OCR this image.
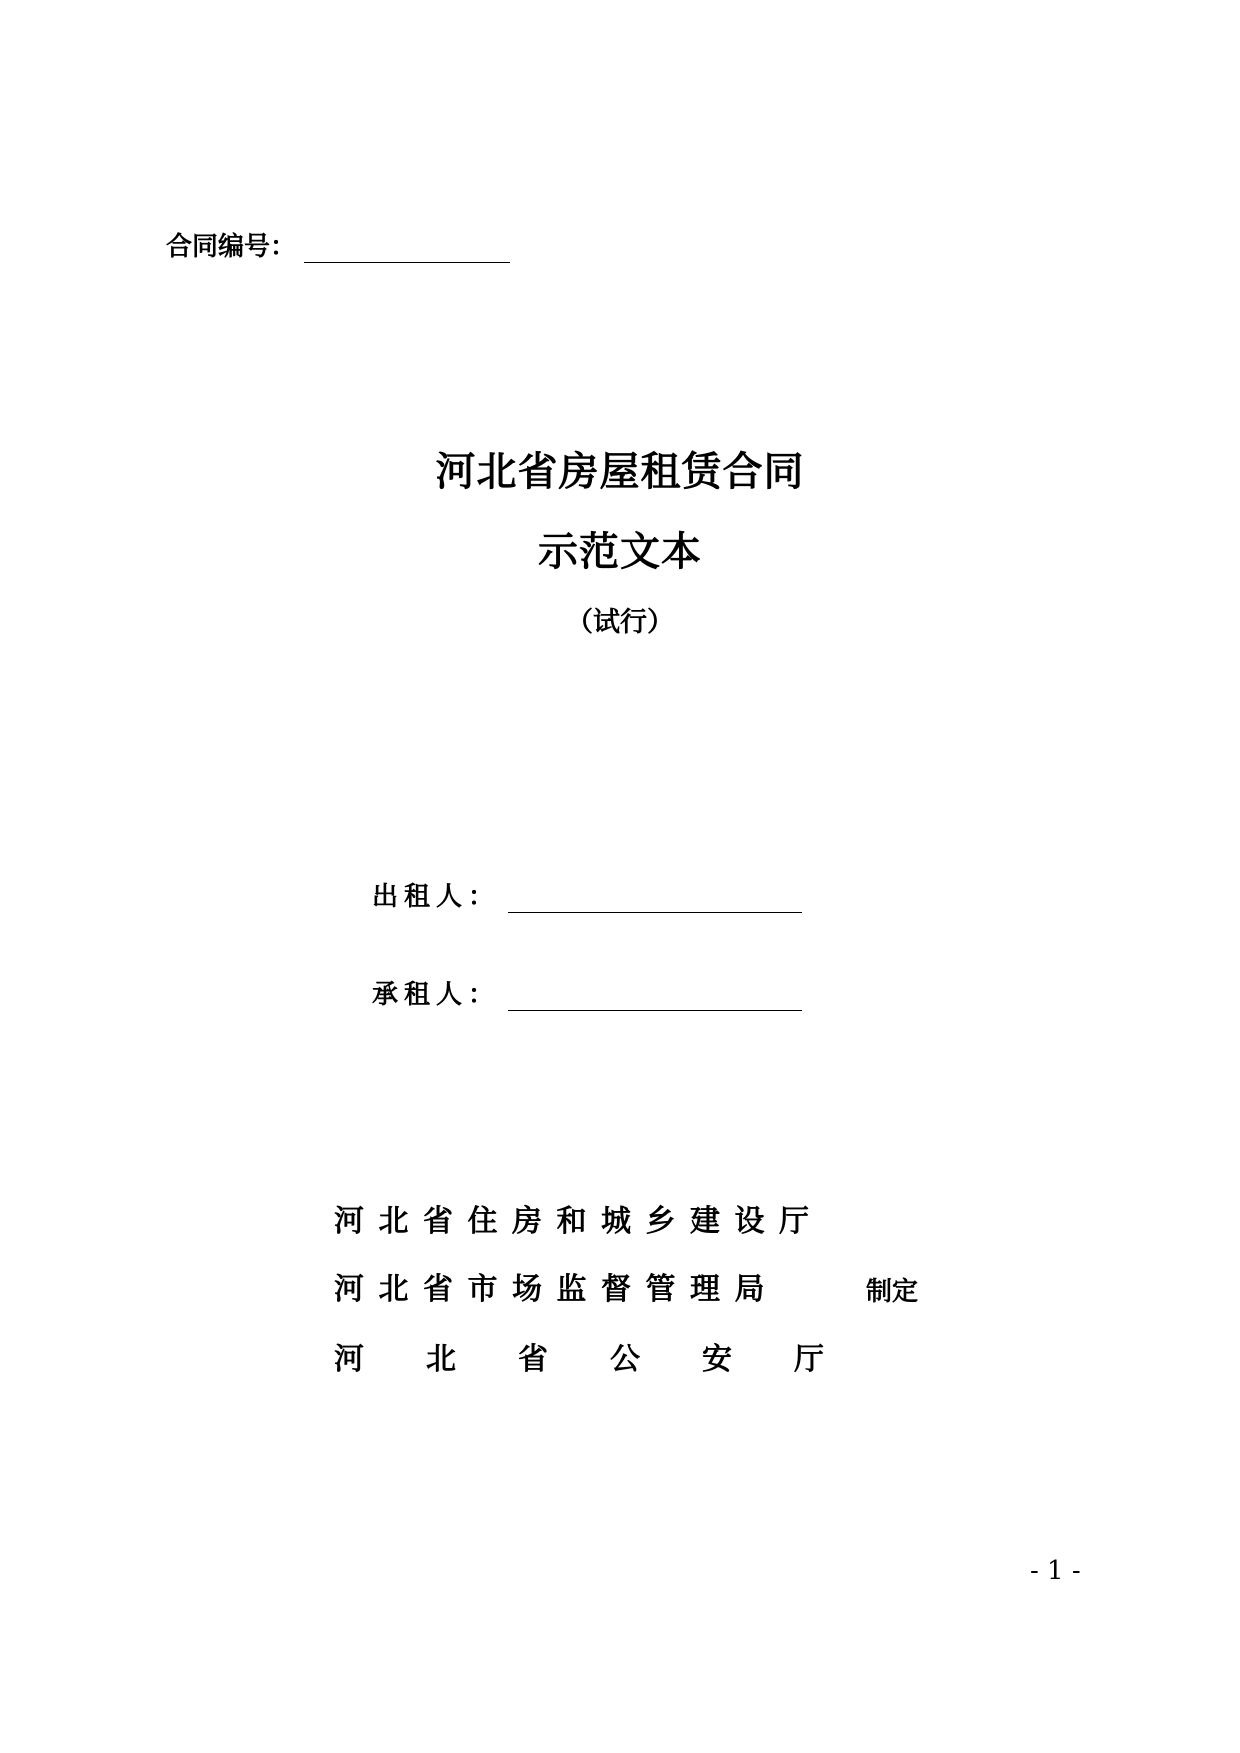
合同编号：
河北省房屋租赁合同
示范文本
（试行）
出租人：
承租人：
河北省住房和城乡建设厅
河北省市场监督管理局
河北省公安厅
制定
- 1 -
